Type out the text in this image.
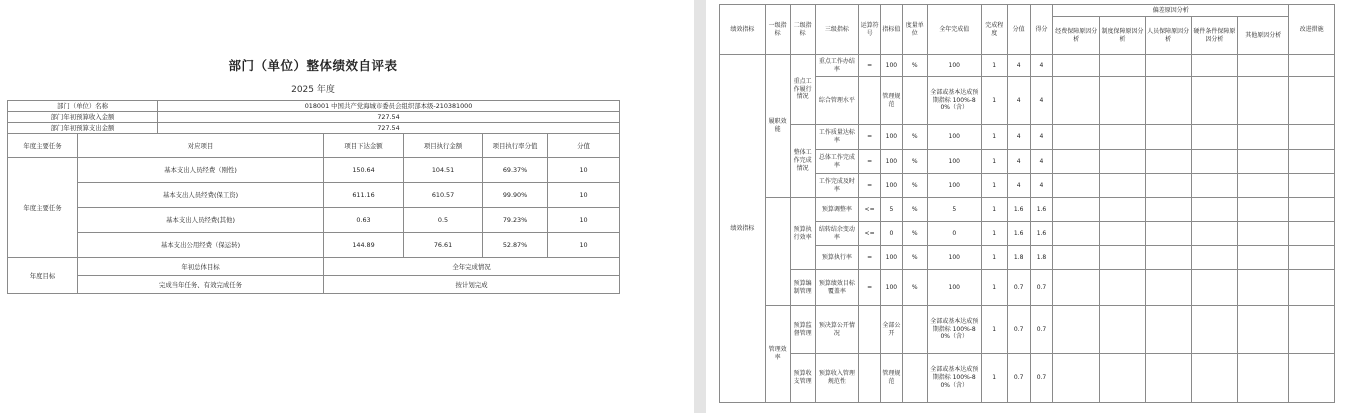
部门（单位）整体绩效自评表
2025 年度
部门（单位）名称		018001 中国共产党海城市委员会组织部本级-210381000					
部门年初预算收入金额		727.54					
部门年初预算支出金额		727.54					
年度主要任务	对应项目		项目下达金额	项目执行金额	项目执行率分值	分值	
年度主要任务	基本支出人员经费（刚性)		150.64	104.51	69.37%	10	
	基本支出人员经费(保工资)		611.16	610.57	99.90%	10	
	基本支出人员经费(其他)		0.63	0.5	79.23%	10	
	基本支出公用经费（保运转)		144.89	76.61	52.87%	10	
年度目标	年初总体目标		全年完成情况				
	完成当年任务、有效完成任务		按计划完成				
绩效指标	一级指标	二级指标	三级指标	运算符号	指标值	度量单位	全年完成值	完成程度	分值	得分	偏差原因分析					改进措施
											经费保障原因分析	制度保障原因分析	人员保障原因分析	硬件条件保障原因分析	其他原因分析	
绩效指标	履职效能	重点工作履行情况	重点工作办结率	=	100	%	100	1	4	4						
			综合管理水平		管理规范		全部或基本达成预期指标 100%-80%（含）	1	4	4						
		整体工作完成情况	工作质量达标率	=	100	%	100	1	4	4						
			总体工作完成率	=	100	%	100	1	4	4						
			工作完成及时率	=	100	%	100	1	4	4						
		预算执行效率	预算调整率	<=	5	%	5	1	1.6	1.6						
			结转结余变动率	<=	0	%	0	1	1.6	1.6						
			预算执行率	=	100	%	100	1	1.8	1.8						
		预算编制管理	预算绩效目标覆盖率	=	100	%	100	1	0.7	0.7						
	管理效率	预算监督管理	预决算公开情况		全部公开		全部或基本达成预期指标 100%-80%（含）	1	0.7	0.7						
		预算收支管理	预算收入管理规范性		管理规范		全部或基本达成预期指标 100%-80%（含）	1	0.7	0.7						
